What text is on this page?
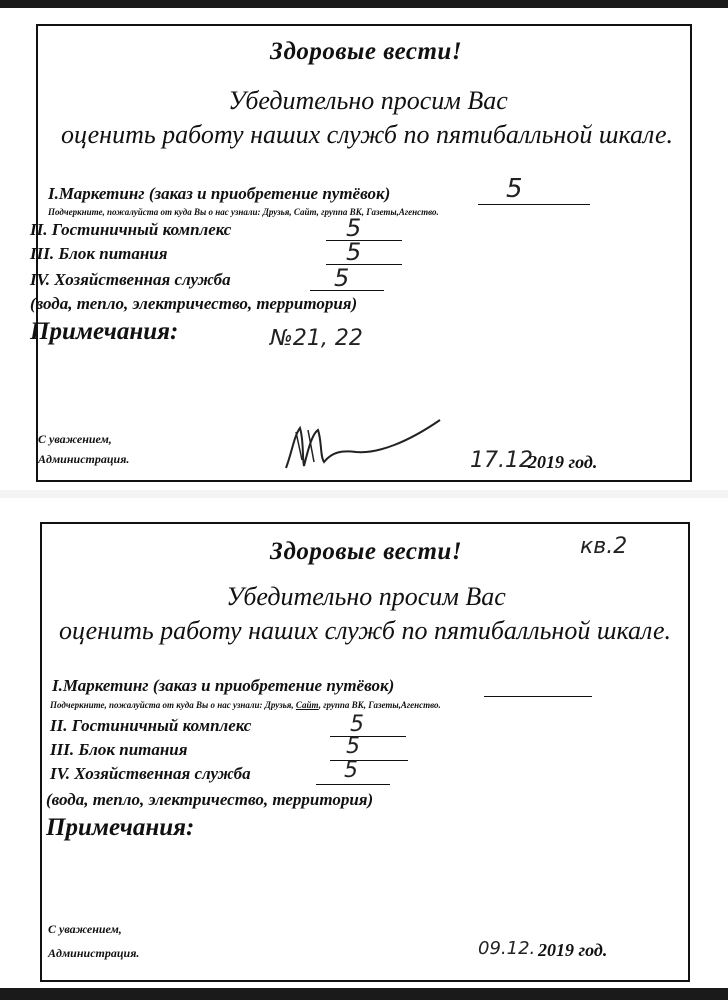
Здоровые вести!
Убедительно просим Вас
оценить работу наших служб по пятибалльной шкале.
I.Маркетинг (заказ и приобретение путёвок)	5
Подчеркните, пожалуйста от куда Вы о нас узнали: Друзья, Сайт, группа ВК, Газеты,Агенство.
II. Гостиничный комплекс	5
III. Блок питания	5
IV. Хозяйственная служба	5
(вода, тепло, электричество, территория)
Примечания:	№21, 22
С уважением,
Администрация.	17.12
2019 год.
кв.2
Здоровые вести!
Убедительно просим Вас
оценить работу наших служб по пятибалльной шкале.
I.Маркетинг (заказ и приобретение путёвок)
Подчеркните, пожалуйста от куда Вы о нас узнали: Друзья, Сайт, группа ВК, Газеты,Агенство.
II. Гостиничный комплекс	5
III. Блок питания	5
IV. Хозяйственная служба	5
(вода, тепло, электричество, территория)
Примечания:
С уважением,
Администрация.	09.12. 2019 год.
